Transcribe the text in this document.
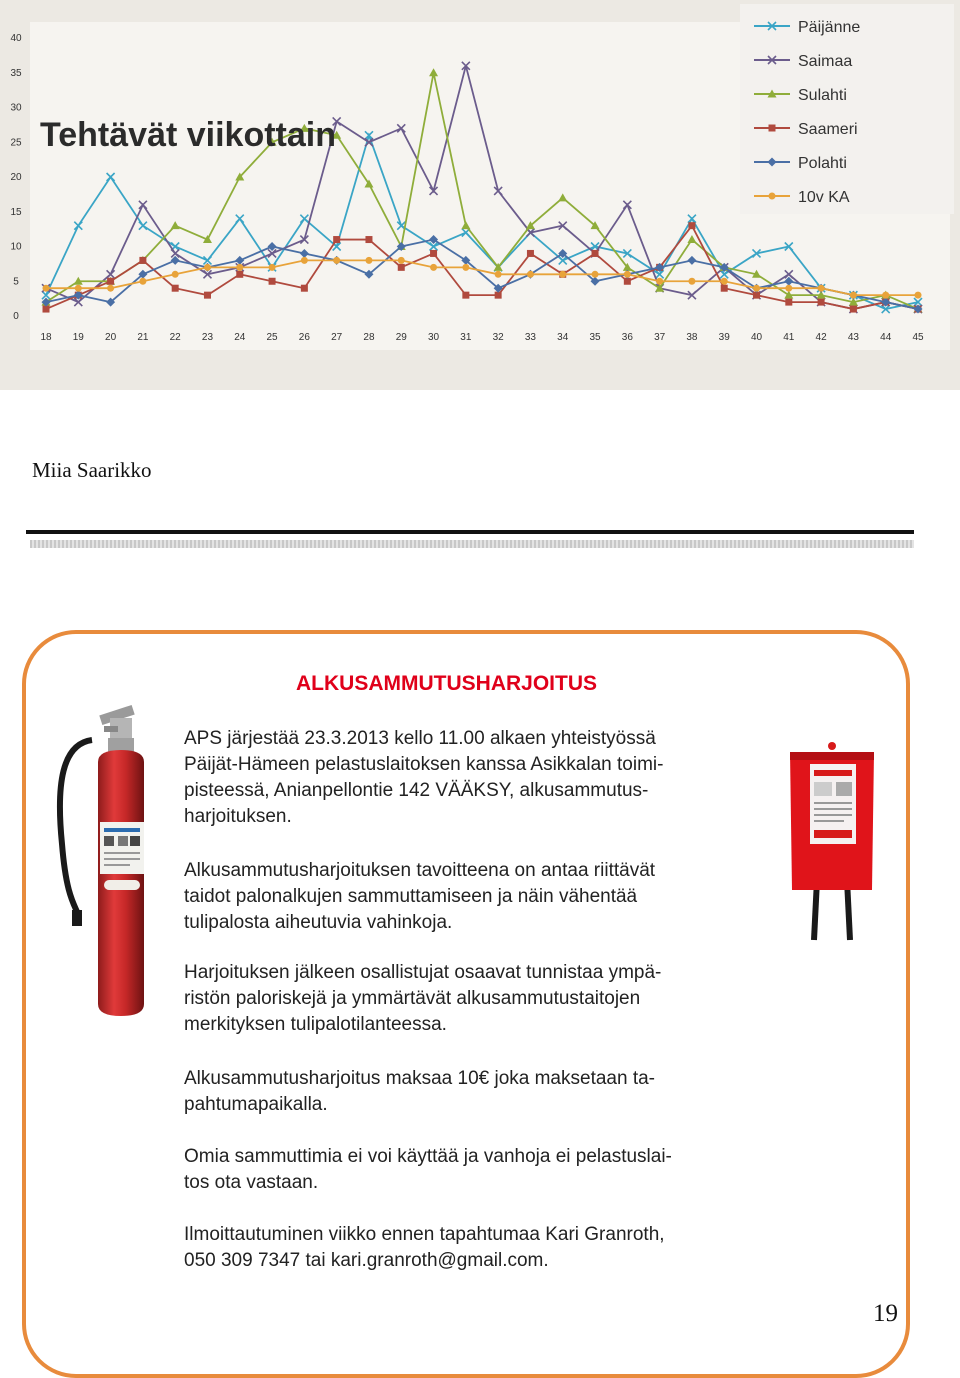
0
5
10
15
20
25
30
35
40
18 19 20 21 22 23 24 25 26 27 28 29 30 31 32 33 34 35 36 37 38 39 40 41 42 43 44 45
Tehtävät viikottain
Päijänne
Saimaa
Sulahti
Saameri
Polahti
10v KA
Miia Saarikko
ALKUSAMMUTUSHARJOITUS
APS järjestää 23.3.2013 kello 11.00 alkaen yhteistyössä
Päijät-Hämeen pelastuslaitoksen kanssa Asikkalan toimi-
pisteessä, Anianpellontie 142 VÄÄKSY, alkusammutus-
harjoituksen.
Alkusammutusharjoituksen tavoitteena on antaa riittävät
taidot palonalkujen sammuttamiseen ja näin vähentää
tulipalosta aiheutuvia vahinkoja.
Harjoituksen jälkeen osallistujat osaavat tunnistaa ympä-
ristön paloriskejä ja ymmärtävät alkusammutustaitojen
merkityksen tulipalotilanteessa.
Alkusammutusharjoitus maksaa 10€ joka maksetaan ta-
pahtumapaikalla.
Omia sammuttimia ei voi käyttää ja vanhoja ei pelastuslai-
tos ota vastaan.
Ilmoittautuminen viikko ennen tapahtumaa Kari Granroth,
050 309 7347 tai kari.granroth@gmail.com.
19
